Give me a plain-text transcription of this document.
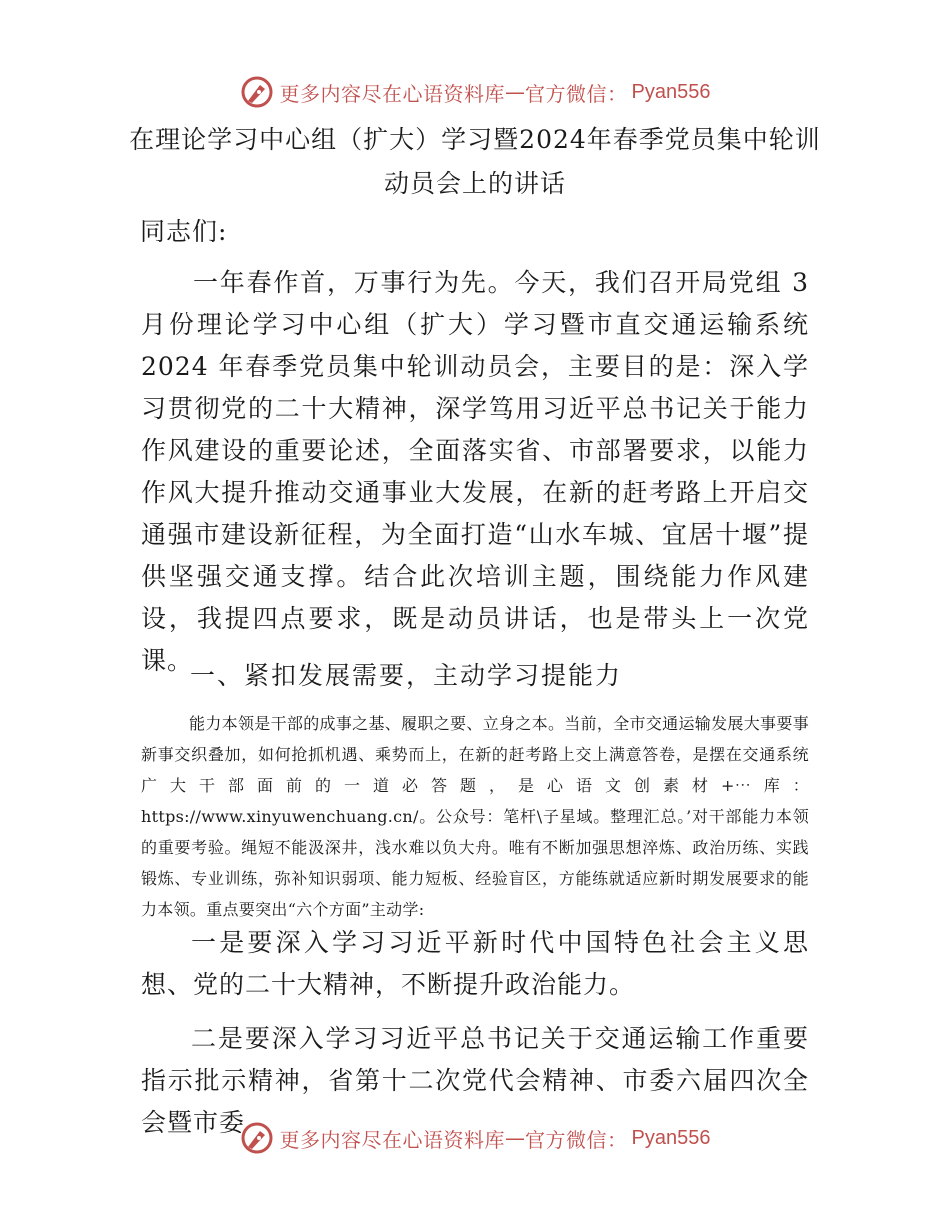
更多内容尽在心语资料库 — 官方微信： Pyan556
在理论学习中心组（扩大）学习暨2024年春季党员集中轮训
动员会上的讲话
同志们:
一年春作首，万事行为先。今天，我们召开局党组 3 月份理论学习中心组（扩大）学习暨市直交通运输系统 2024 年春季党员集中轮训动员会，主要目的是：深入学习贯彻党的二十大精神，深学笃用习近平总书记关于能力作风建设的重要论述，全面落实省、市部署要求，以能力作风大提升推动交通事业大发展，在新的赶考路上开启交通强市建设新征程，为全面打造“山水车城、宜居十堰”提供坚强交通支撑。结合此次培训主题，围绕能力作风建设，我提四点要求，既是动员讲话，也是带头上一次党课。
一、紧扣发展需要，主动学习提能力
能力本领是干部的成事之基、履职之要、立身之本。当前，全市交通运输发展大事要事新事交织叠加，如何抢抓机遇、乘势而上，在新的赶考路上交上满意答卷，是摆在交通系统广大干部面前的一道必答题，是心语文创素材+⋯库：https://www.xinyuwenchuang.cn/。公众号：笔杆\子星域。整理汇总。’对干部能力本领的重要考验。绳短不能汲深井，浅水难以负大舟。唯有不断加强思想淬炼、政治历练、实践锻炼、专业训练，弥补知识弱项、能力短板、经验盲区，方能练就适应新时期发展要求的能力本领。重点要突出“六个方面”主动学:
一是要深入学习习近平新时代中国特色社会主义思想、党的二十大精神，不断提升政治能力。
二是要深入学习习近平总书记关于交通运输工作重要指示批示精神，省第十二次党代会精神、市委六届四次全会暨市委
更多内容尽在心语资料库 — 官方微信： Pyan556
